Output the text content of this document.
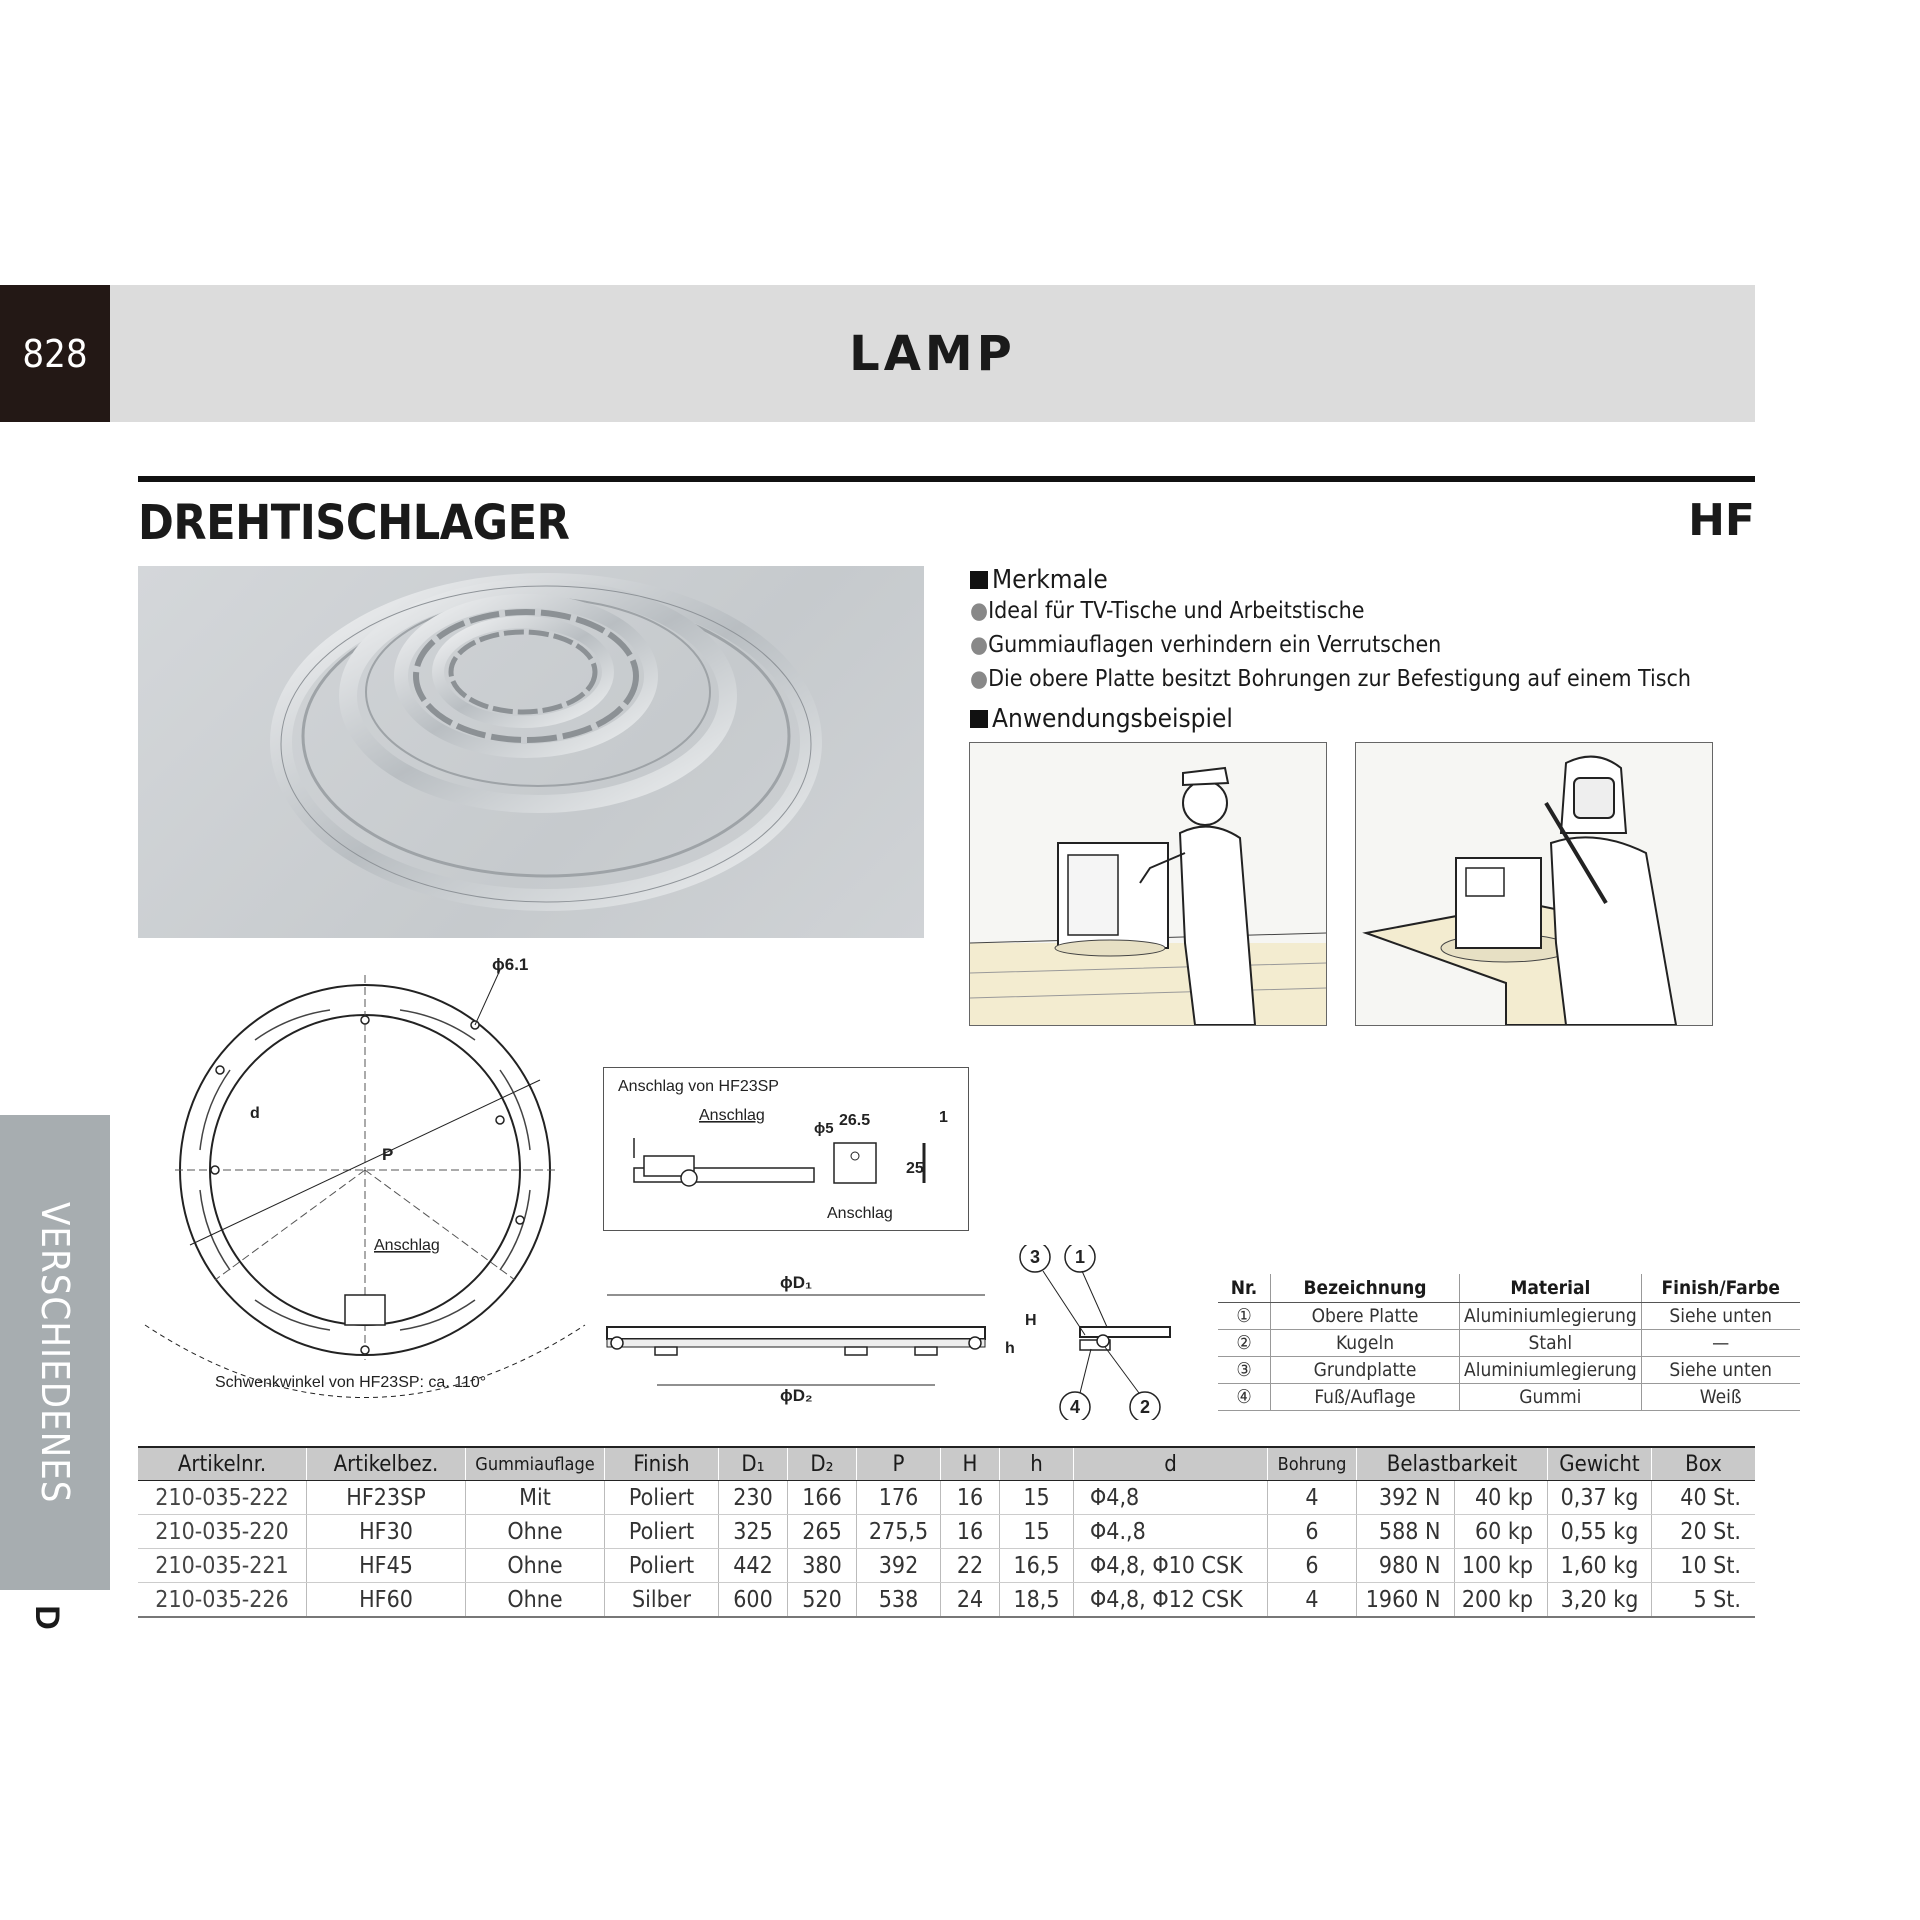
828	LAMP
DREHTISCHLAGER	HF
VERSCHIEDENES
D
Merkmale
●Ideal für TV-Tische und Arbeitstische
●Gummiauflagen verhindern ein Verrutschen
●Die obere Platte besitzt Bohrungen zur Befestigung auf einem Tisch
Anwendungsbeispiel
ϕ6.1
d
P
Anschlag
Schwenkwinkel von HF23SP: ca. 110°
Anschlag von HF23SP
Anschlag	26.5	1
ϕ5
25
Anschlag
ϕD₁
ϕD₂
H
h
3 1
4	2
Nr.	Bezeichnung	Material	Finish/Farbe
①	Obere Platte	Aluminiumlegierung	Siehe unten
②	Kugeln	Stahl	—
③	Grundplatte	Aluminiumlegierung	Siehe unten
④	Fuß/Auflage	Gummi	Weiß
Artikelnr.	Artikelbez.	Gummiauflage	Finish	D₁	D₂	P	H	h	d	Bohrung	Belastbarkeit		Gewicht	Box
210-035-222	HF23SP	Mit	Poliert	230	166	176	16	15	Φ4,8	4	392 N	40 kp	0,37 kg	40 St.
210-035-220	HF30	Ohne	Poliert	325	265	275,5	16	15	Φ4.,8	6	588 N	60 kp	0,55 kg	20 St.
210-035-221	HF45	Ohne	Poliert	442	380	392	22	16,5	Φ4,8, Φ10 CSK	6	980 N	100 kp	1,60 kg	10 St.
210-035-226	HF60	Ohne	Silber	600	520	538	24	18,5	Φ4,8, Φ12 CSK	4	1960 N	200 kp	3,20 kg	5 St.
